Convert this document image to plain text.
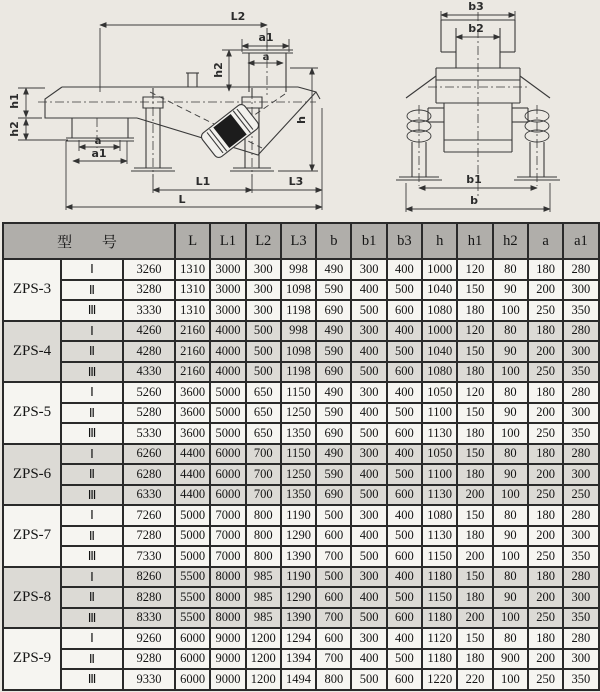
L2
a1
a
h2
h1
h2
a
a1
L1	L3
L
h
b3
b2
b1
b
型 号			L	L1	L2	L3	b	b1	b3	h	h1	h2	a	a1
ZPS-3	Ⅰ	3260	1310	3000	300	998	490	300	400	1000	120	80	180	280
	Ⅱ	3280	1310	3000	300	1098	590	400	500	1040	150	90	200	300
	Ⅲ	3330	1310	3000	300	1198	690	500	600	1080	180	100	250	350
ZPS-4	Ⅰ	4260	2160	4000	500	998	490	300	400	1000	120	80	180	280
	Ⅱ	4280	2160	4000	500	1098	590	400	500	1040	150	90	200	300
	Ⅲ	4330	2160	4000	500	1198	690	500	600	1080	180	100	250	350
ZPS-5	Ⅰ	5260	3600	5000	650	1150	490	300	400	1050	120	80	180	280
	Ⅱ	5280	3600	5000	650	1250	590	400	500	1100	150	90	200	300
	Ⅲ	5330	3600	5000	650	1350	690	500	600	1130	180	100	250	350
ZPS-6	Ⅰ	6260	4400	6000	700	1150	490	300	400	1050	150	80	180	280
	Ⅱ	6280	4400	6000	700	1250	590	400	500	1100	180	90	200	300
	Ⅲ	6330	4400	6000	700	1350	690	500	600	1130	200	100	250	250
ZPS-7	Ⅰ	7260	5000	7000	800	1190	500	300	400	1080	150	80	180	280
	Ⅱ	7280	5000	7000	800	1290	600	400	500	1130	180	90	200	300
	Ⅲ	7330	5000	7000	800	1390	700	500	600	1150	200	100	250	350
ZPS-8	Ⅰ	8260	5500	8000	985	1190	500	300	400	1180	150	80	180	280
	Ⅱ	8280	5500	8000	985	1290	600	400	500	1150	180	90	200	300
	Ⅲ	8330	5500	8000	985	1390	700	500	600	1180	200	100	250	350
ZPS-9	Ⅰ	9260	6000	9000	1200	1294	600	300	400	1120	150	80	180	280
	Ⅱ	9280	6000	9000	1200	1394	700	400	500	1180	180	900	200	300
	Ⅲ	9330	6000	9000	1200	1494	800	500	600	1220	220	100	250	350
